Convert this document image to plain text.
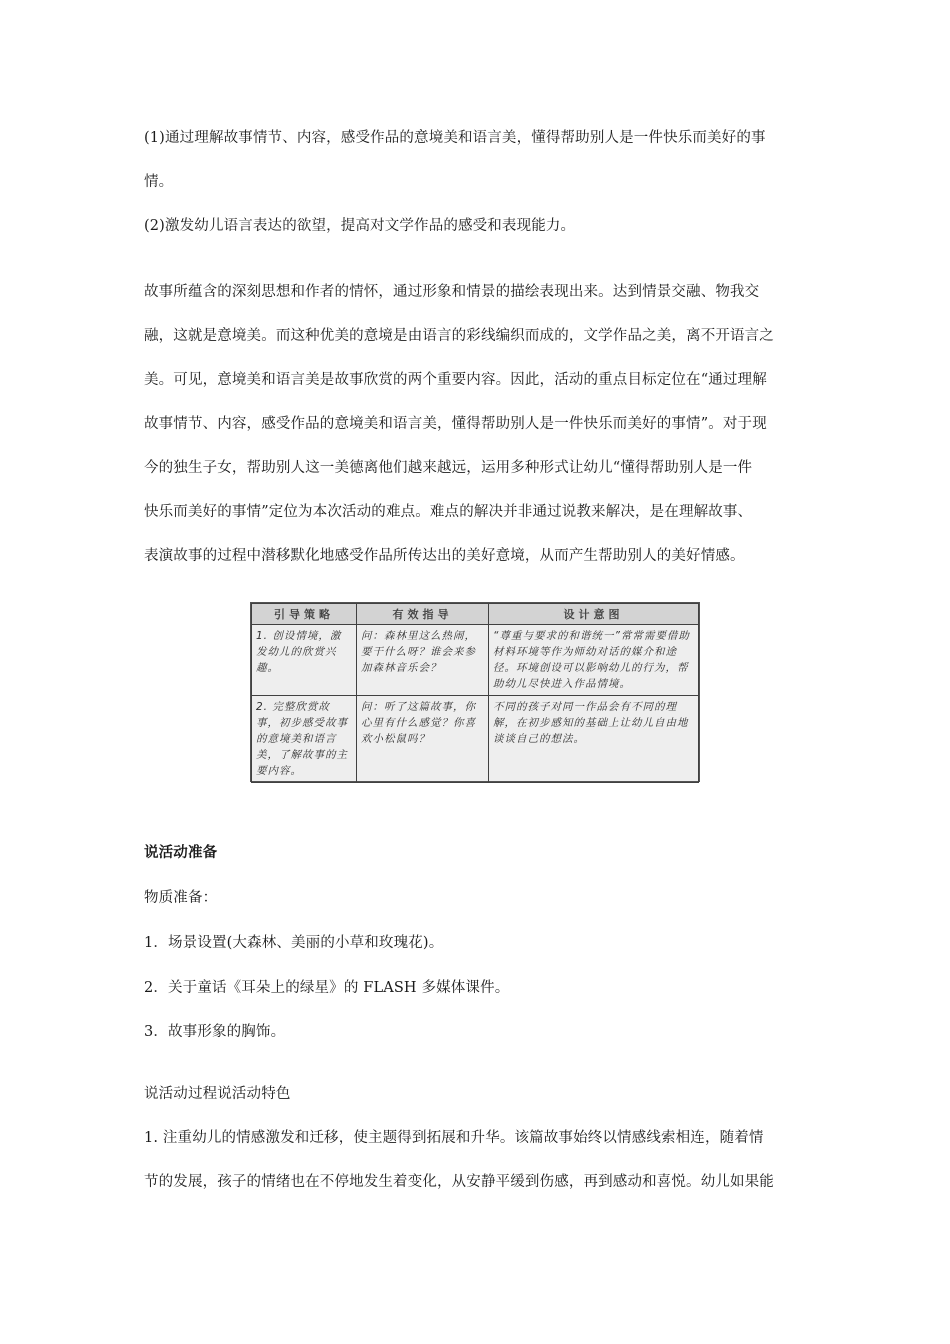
(1)通过理解故事情节、内容，感受作品的意境美和语言美，懂得帮助别人是一件快乐而美好的事
情。
(2)激发幼儿语言表达的欲望，提高对文学作品的感受和表现能力。
故事所蕴含的深刻思想和作者的情怀，通过形象和情景的描绘表现出来。达到情景交融、物我交
融，这就是意境美。而这种优美的意境是由语言的彩线编织而成的，文学作品之美，离不开语言之
美。可见，意境美和语言美是故事欣赏的两个重要内容。因此，活动的重点目标定位在“通过理解
故事情节、内容，感受作品的意境美和语言美，懂得帮助别人是一件快乐而美好的事情”。对于现
今的独生子女，帮助别人这一美德离他们越来越远，运用多种形式让幼儿“懂得帮助别人是一件
快乐而美好的事情”定位为本次活动的难点。难点的解决并非通过说教来解决，是在理解故事、
表演故事的过程中潜移默化地感受作品所传达出的美好意境，从而产生帮助别人的美好情感。
引导策略	有效指导	设计意图
1. 创设情境，激发幼儿的欣赏兴趣。	问：森林里这么热闹，要干什么呀？谁会来参加森林音乐会？	“尊重与要求的和谐统一”常常需要借助材料环境等作为师幼对话的媒介和途径。环境创设可以影响幼儿的行为，帮助幼儿尽快进入作品情境。
2. 完整欣赏故事，初步感受故事的意境美和语言美，了解故事的主要内容。	问：听了这篇故事，你心里有什么感觉？你喜欢小松鼠吗？	不同的孩子对同一作品会有不同的理解，在初步感知的基础上让幼儿自由地谈谈自己的想法。
说活动准备
物质准备：
1．场景设置(大森林、美丽的小草和玫瑰花)。
2．关于童话《耳朵上的绿星》的 FLASH 多媒体课件。
3．故事形象的胸饰。
说活动过程说活动特色
1. 注重幼儿的情感激发和迁移，使主题得到拓展和升华。该篇故事始终以情感线索相连，随着情
节的发展，孩子的情绪也在不停地发生着变化，从安静平缓到伤感，再到感动和喜悦。幼儿如果能
